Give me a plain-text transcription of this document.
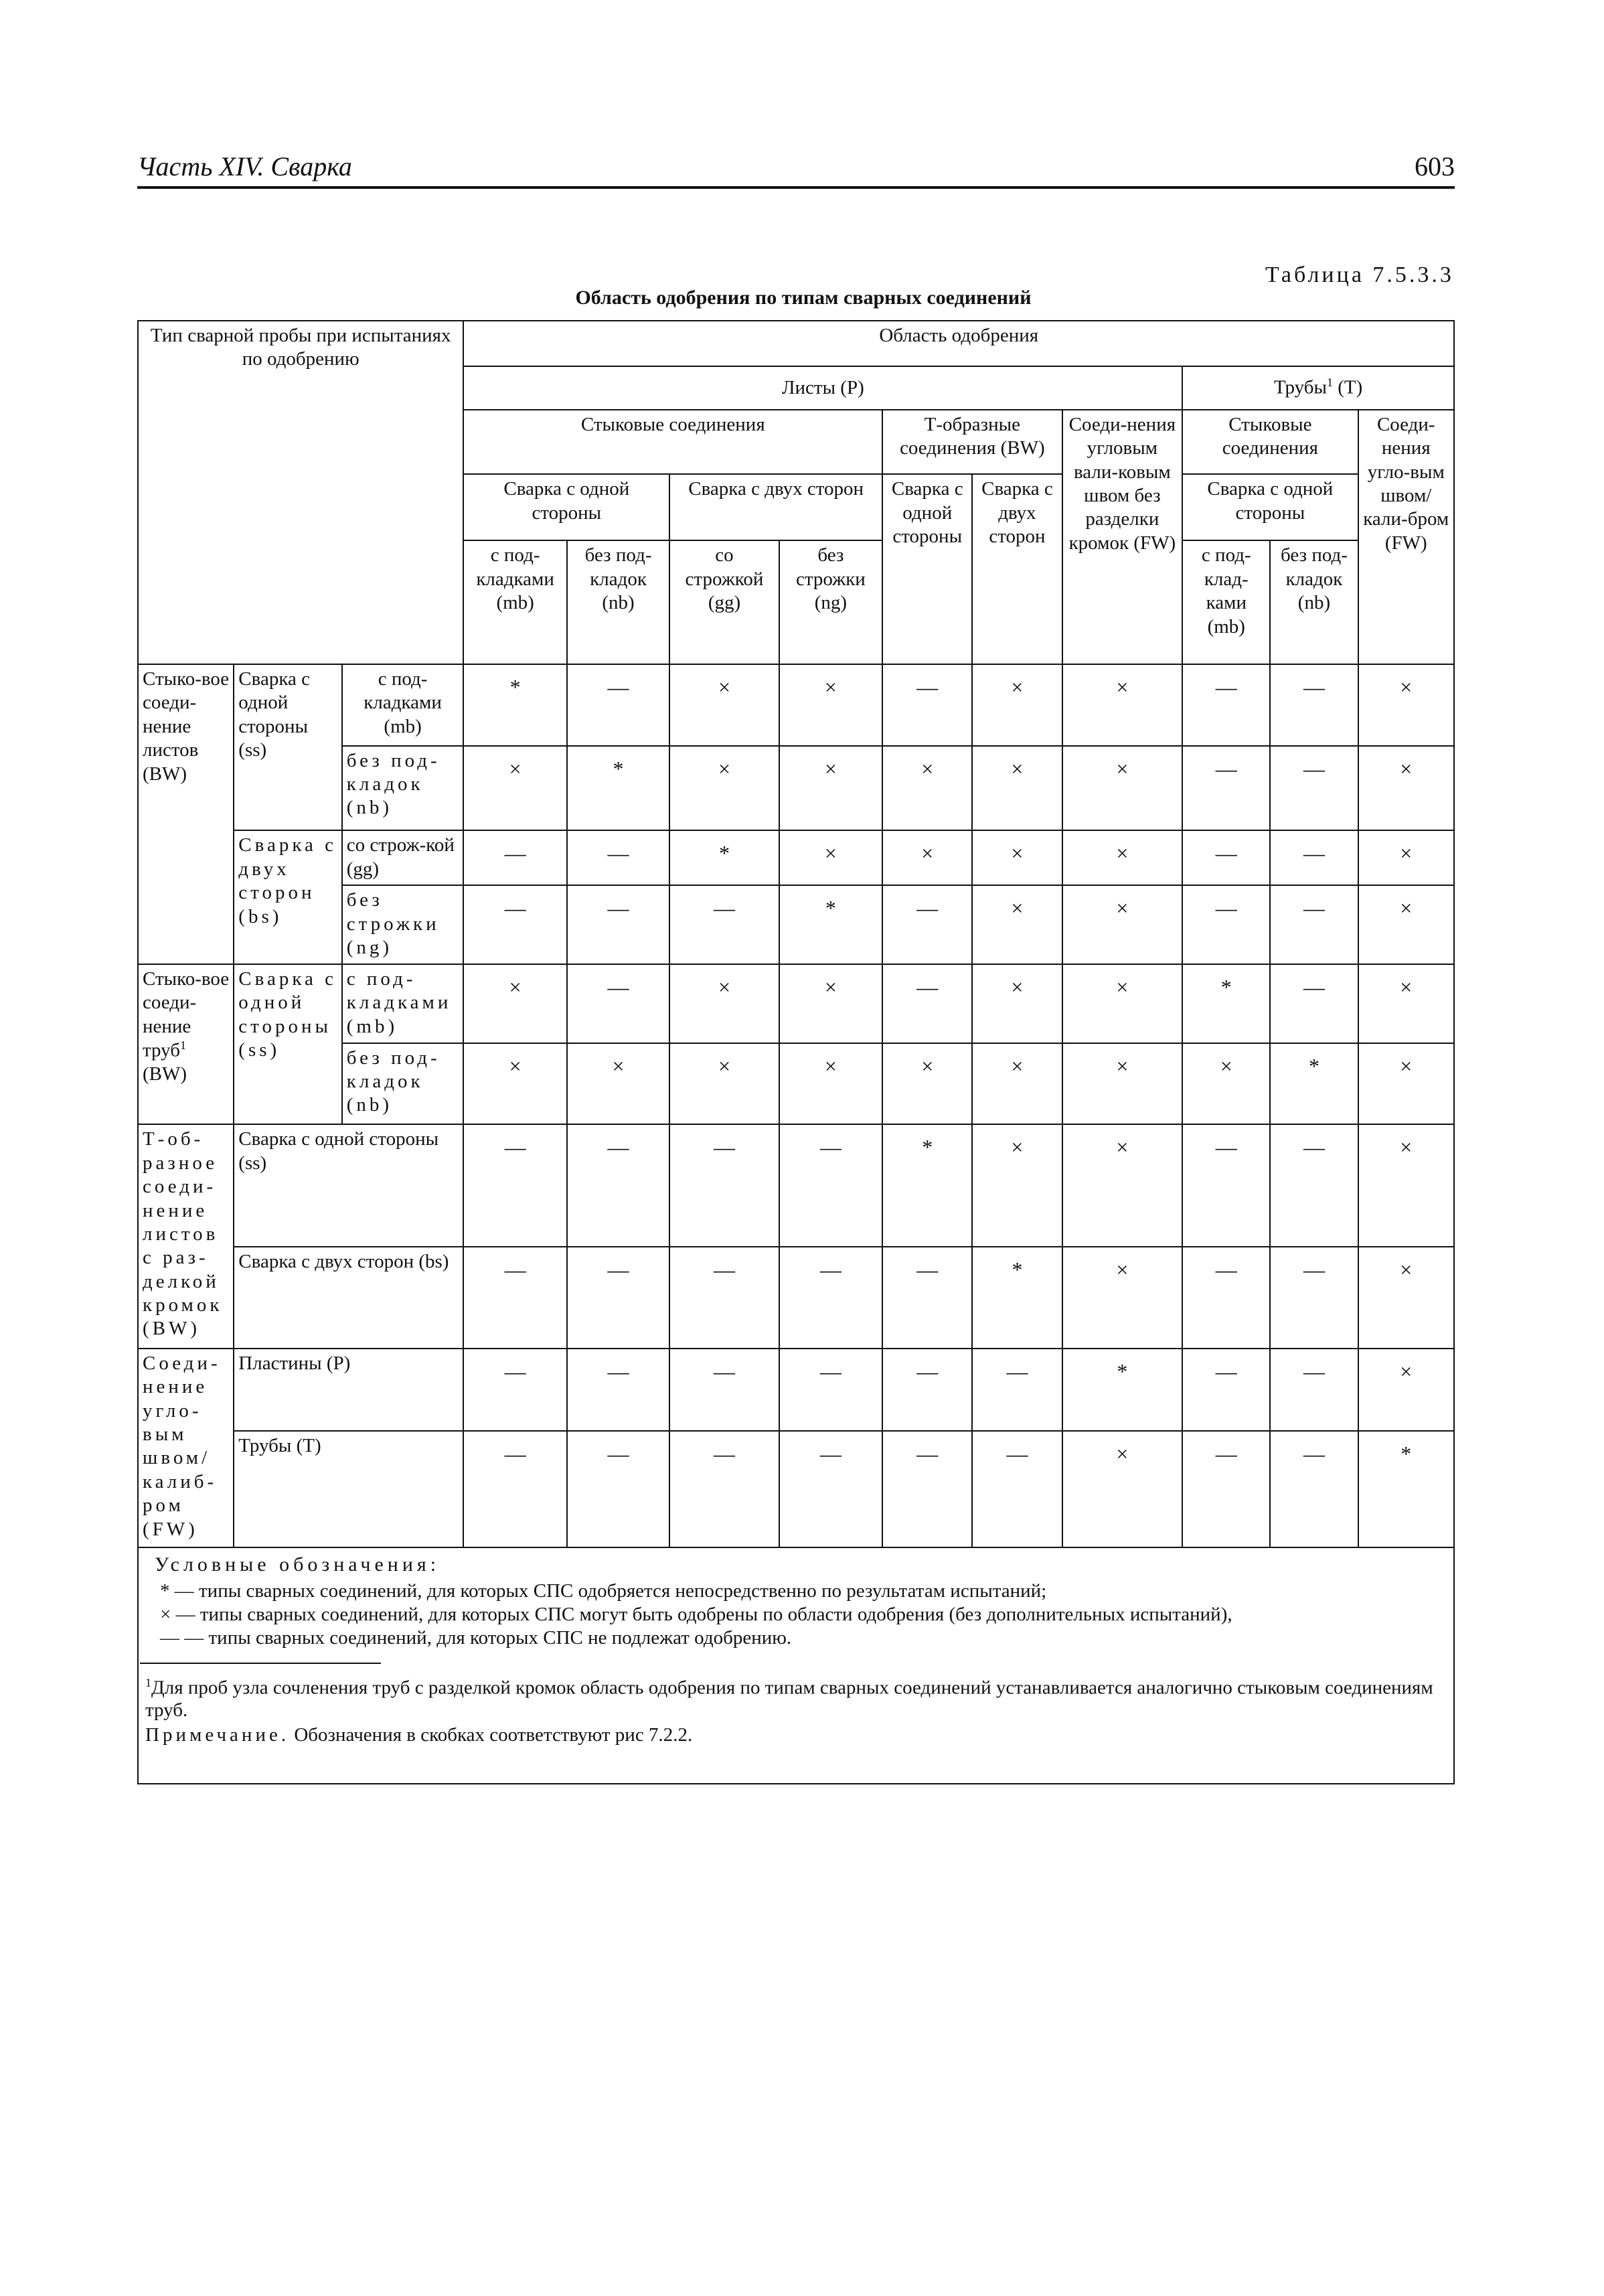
Часть XIV. Сварка	603
Таблица 7.5.3.3
Область одобрения по типам сварных соединений
Тип сварной пробы при испытаниях по одобрению			Область одобрения									
			Листы (P)							Трубы$^1$ (T)		
			Стыковые соединения				Т-образные соединения (BW)		Соеди-нения угловым вали-ковым швом без разделки кромок (FW)	Стыковые соединения		Соеди-нения угло-вым швом/ кали-бром (FW)
			Сварка с одной стороны		Сварка с двух сторон		Сварка с одной стороны	Сварка с двух сторон		Сварка с одной стороны		
			с под-кладками (mb)	без под-кладок (nb)	со строжкой (gg)	без строжки (ng)				с под-клад-ками (mb)	без под-кладок (nb)	
Стыко-вое соеди-нение листов (BW)	Сварка с одной стороны (ss)	с под-кладками (mb)	*	—	×	×	—	×	×	—	—	×
		без под-кладок (nb)	×	*	×	×	×	×	×	—	—	×
	Сварка с двух сторон (bs)	со строж-кой (gg)	—	—	*	×	×	×	×	—	—	×
		без строжки (ng)	—	—	—	*	—	×	×	—	—	×
Стыко-вое соеди-нение труб$^1$ (BW)	Сварка с одной стороны (ss)	с под-кладками (mb)	×	—	×	×	—	×	×	*	—	×
		без под-кладок (nb)	×	×	×	×	×	×	×	×	*	×
Т-об-разное соеди-нение листов с раз-делкой кромок (BW)	Сварка с одной стороны (ss)		—	—	—	—	*	×	×	—	—	×
	Сварка с двух сторон (bs)		—	—	—	—	—	*	×	—	—	×
Соеди-нение угло-вым швом/ калиб-ром (FW)	Пластины (P)		—	—	—	—	—	—	*	—	—	×
	Трубы (T)		—	—	—	—	—	—	×	—	—	*

Условные обозначения:
* — типы сварных соединений, для которых СПС одобряется непосредственно по результатам испытаний;
× — типы сварных соединений, для которых СПС могут быть одобрены по области одобрения (без дополнительных испытаний),
— — типы сварных соединений, для которых СПС не подлежат одобрению.
$^1$Для проб узла сочленения труб с разделкой кромок область одобрения по типам сварных соединений устанавливается аналогично стыковым соединениям труб.
Примечание. Обозначения в скобках соответствуют рис 7.2.2.
